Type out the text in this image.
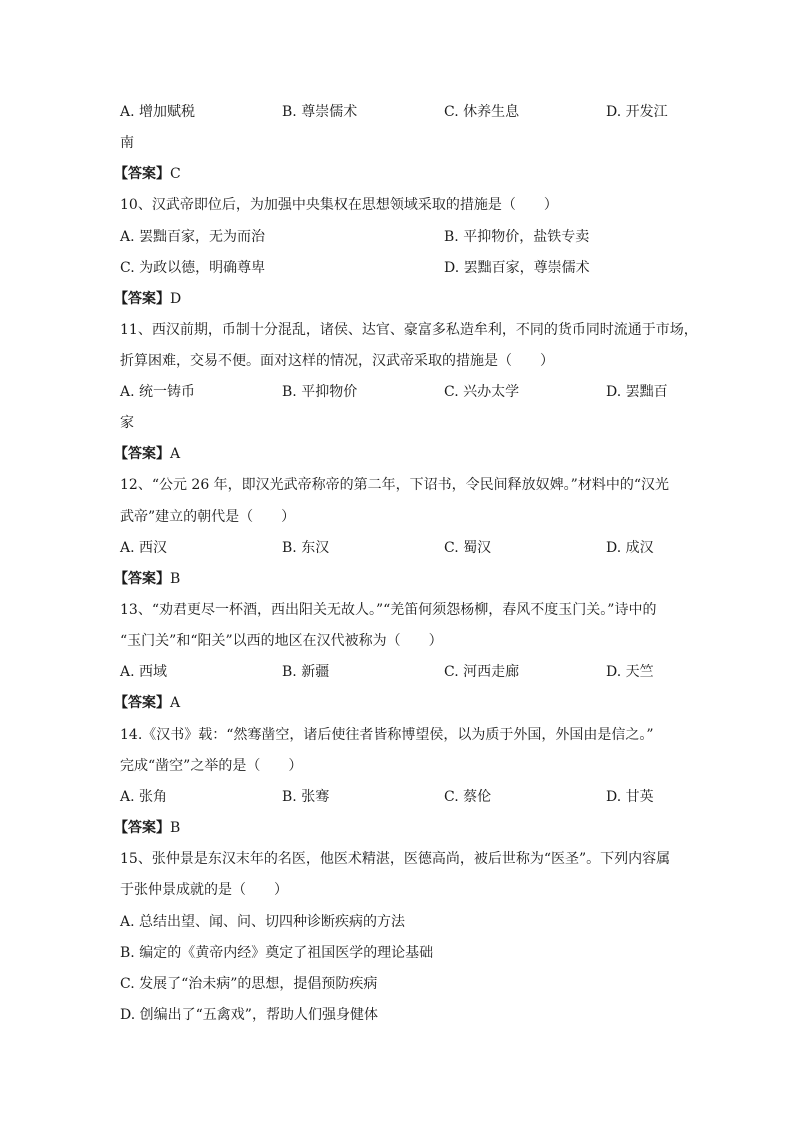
A. 增加赋税	B. 尊崇儒术	C. 休养生息	D. 开发江
南
【答案】C
10、汉武帝即位后，为加强中央集权在思想领域采取的措施是（　　）
A. 罢黜百家，无为而治	B. 平抑物价，盐铁专卖
C. 为政以德，明确尊卑	D. 罢黜百家，尊崇儒术
【答案】D
11、西汉前期，币制十分混乱，诸侯、达官、豪富多私造牟利，不同的货币同时流通于市场，
折算困难，交易不便。面对这样的情况，汉武帝采取的措施是（　　）
A. 统一铸币	B. 平抑物价	C. 兴办太学	D. 罢黜百
家
【答案】A
12、“公元 26 年，即汉光武帝称帝的第二年，下诏书，令民间释放奴婢。”材料中的“汉光
武帝”建立的朝代是（　　）
A. 西汉	B. 东汉	C. 蜀汉	D. 成汉
【答案】B
13、“劝君更尽一杯酒，西出阳关无故人。”“羌笛何须怨杨柳，春风不度玉门关。”诗中的
“玉门关”和“阳关”以西的地区在汉代被称为（　　）
A. 西域	B. 新疆	C. 河西走廊	D. 天竺
【答案】A
14.《汉书》载：“然骞凿空，诸后使往者皆称博望侯，以为质于外国，外国由是信之。”
完成“凿空”之举的是（　　）
A. 张角	B. 张骞	C. 蔡伦	D. 甘英
【答案】B
15、张仲景是东汉末年的名医，他医术精湛，医德高尚，被后世称为“医圣”。下列内容属
于张仲景成就的是（　　）
A. 总结出望、闻、问、切四种诊断疾病的方法
B. 编定的《黄帝内经》奠定了祖国医学的理论基础
C. 发展了“治未病”的思想，提倡预防疾病
D. 创编出了“五禽戏”，帮助人们强身健体
